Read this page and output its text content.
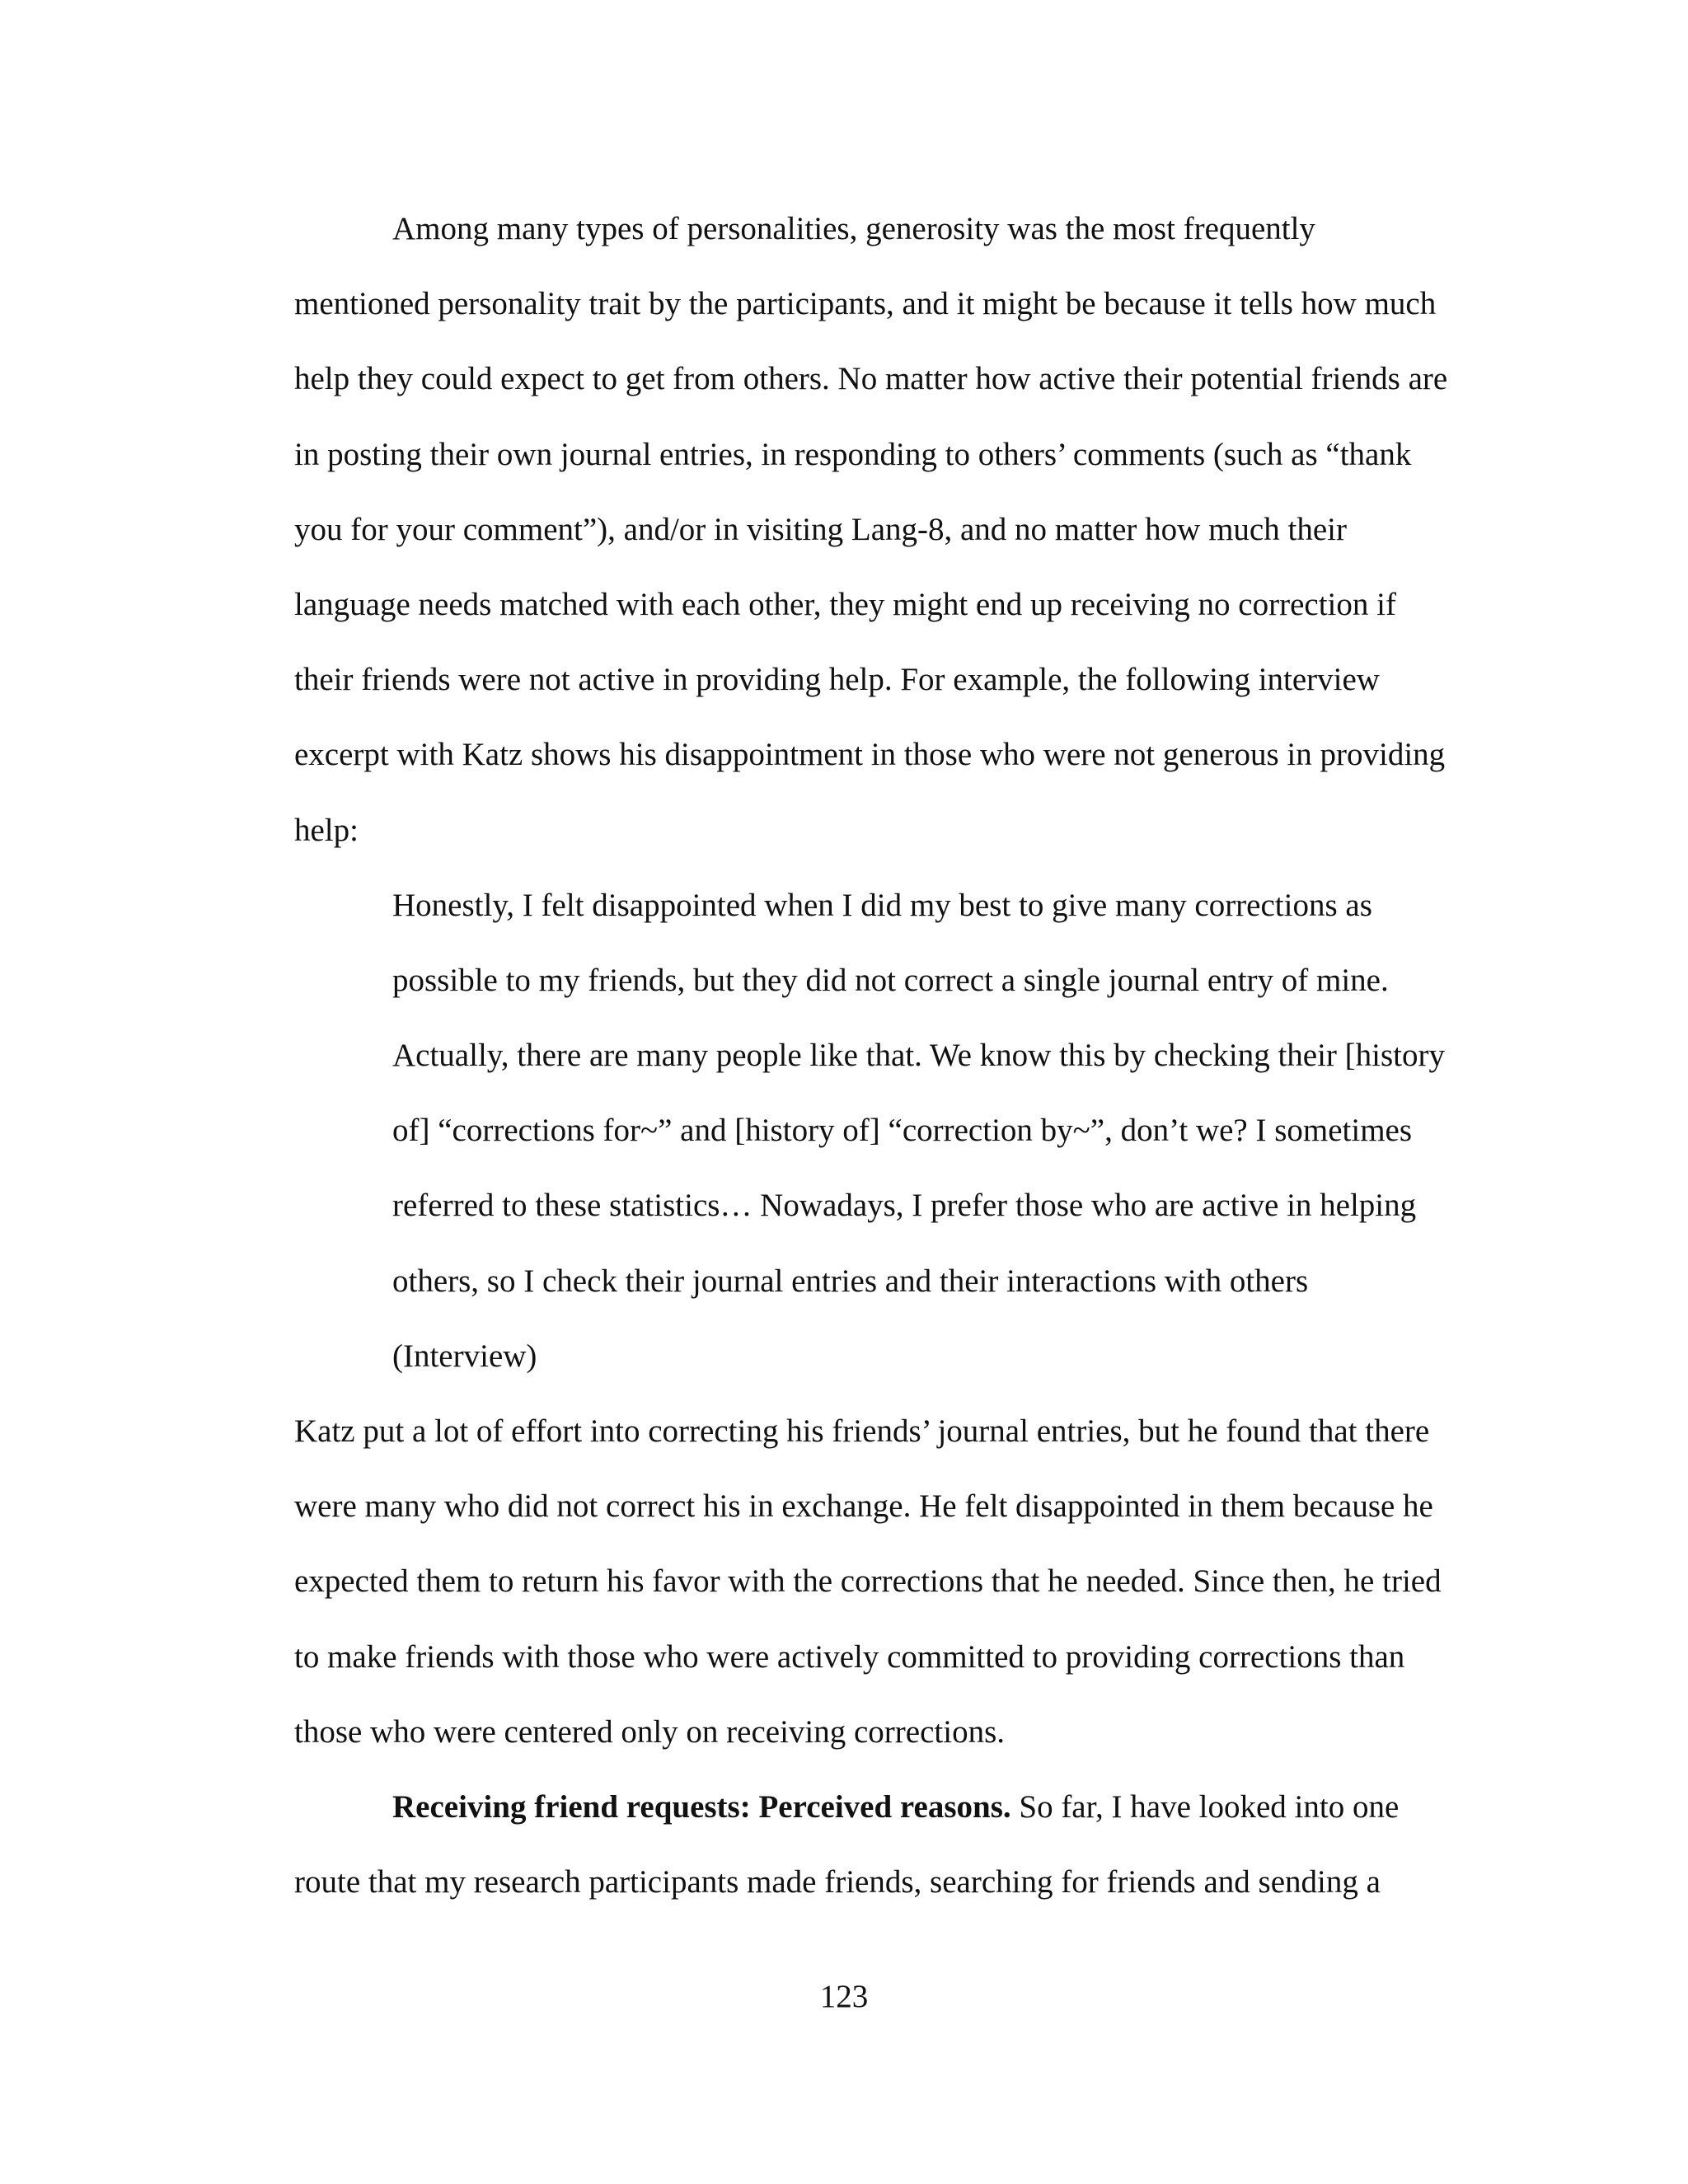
Among many types of personalities, generosity was the most frequently
mentioned personality trait by the participants, and it might be because it tells how much
help they could expect to get from others. No matter how active their potential friends are
in posting their own journal entries, in responding to others’ comments (such as “thank
you for your comment”), and/or in visiting Lang-8, and no matter how much their
language needs matched with each other, they might end up receiving no correction if
their friends were not active in providing help. For example, the following interview
excerpt with Katz shows his disappointment in those who were not generous in providing
help:
Honestly, I felt disappointed when I did my best to give many corrections as
possible to my friends, but they did not correct a single journal entry of mine.
Actually, there are many people like that. We know this by checking their [history
of] “corrections for~” and [history of] “correction by~”, don’t we? I sometimes
referred to these statistics… Nowadays, I prefer those who are active in helping
others, so I check their journal entries and their interactions with others
(Interview)
Katz put a lot of effort into correcting his friends’ journal entries, but he found that there
were many who did not correct his in exchange. He felt disappointed in them because he
expected them to return his favor with the corrections that he needed. Since then, he tried
to make friends with those who were actively committed to providing corrections than
those who were centered only on receiving corrections.
Receiving friend requests: Perceived reasons. So far, I have looked into one
route that my research participants made friends, searching for friends and sending a
123
